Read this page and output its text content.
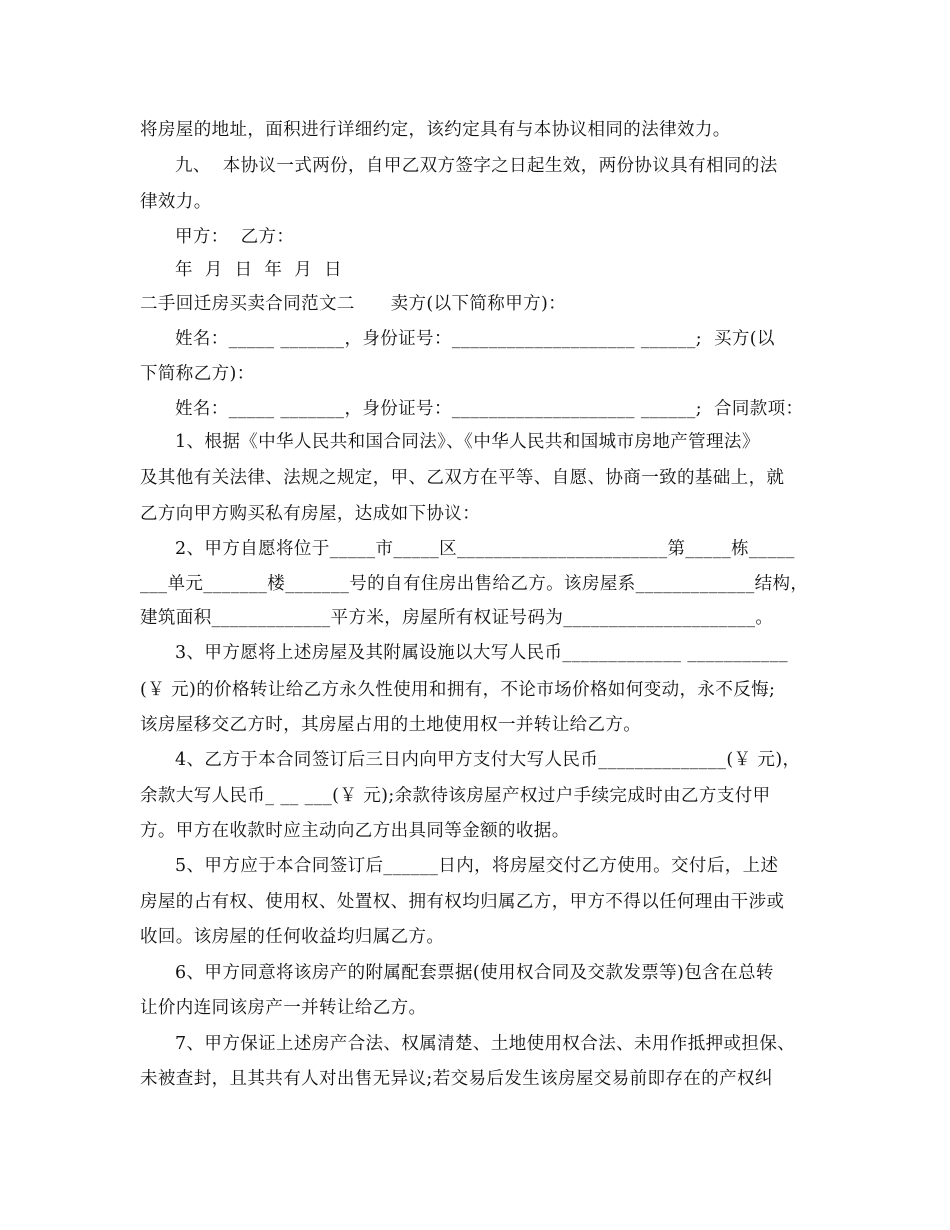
将房屋的地址，面积进行详细约定，该约定具有与本协议相同的法律效力。
九、  本协议一式两份，自甲乙双方签字之日起生效，两份协议具有相同的法
律效力。
甲方：  乙方：
年  月  日  年  月  日
二手回迁房买卖合同范文二      卖方(以下简称甲方)：
姓名：_____ _______，身份证号：____________________ ______;  买方(以
下简称乙方)：
姓名：_____ _______，身份证号：____________________ ______;  合同款项：
1、根据《中华人民共和国合同法》、《中华人民共和国城市房地产管理法》
及其他有关法律、法规之规定，甲、乙双方在平等、自愿、协商一致的基础上，就
乙方向甲方购买私有房屋，达成如下协议：
2、甲方自愿将位于_____市_____区_______________________第_____栋_____
___单元_______楼_______号的自有住房出售给乙方。该房屋系_____________结构，
建筑面积_____________平方米，房屋所有权证号码为_____________________。
3、甲方愿将上述房屋及其附属设施以大写人民币_____________ ___________
(￥ 元)的价格转让给乙方永久性使用和拥有，不论市场价格如何变动，永不反悔;
该房屋移交乙方时，其房屋占用的土地使用权一并转让给乙方。
4、乙方于本合同签订后三日内向甲方支付大写人民币______________(￥ 元)，
余款大写人民币_ __ ___(￥ 元);余款待该房屋产权过户手续完成时由乙方支付甲
方。甲方在收款时应主动向乙方出具同等金额的收据。
5、甲方应于本合同签订后______日内，将房屋交付乙方使用。交付后，上述
房屋的占有权、使用权、处置权、拥有权均归属乙方，甲方不得以任何理由干涉或
收回。该房屋的任何收益均归属乙方。
6、甲方同意将该房产的附属配套票据(使用权合同及交款发票等)包含在总转
让价内连同该房产一并转让给乙方。
7、甲方保证上述房产合法、权属清楚、土地使用权合法、未用作抵押或担保、
未被查封，且其共有人对出售无异议;若交易后发生该房屋交易前即存在的产权纠
